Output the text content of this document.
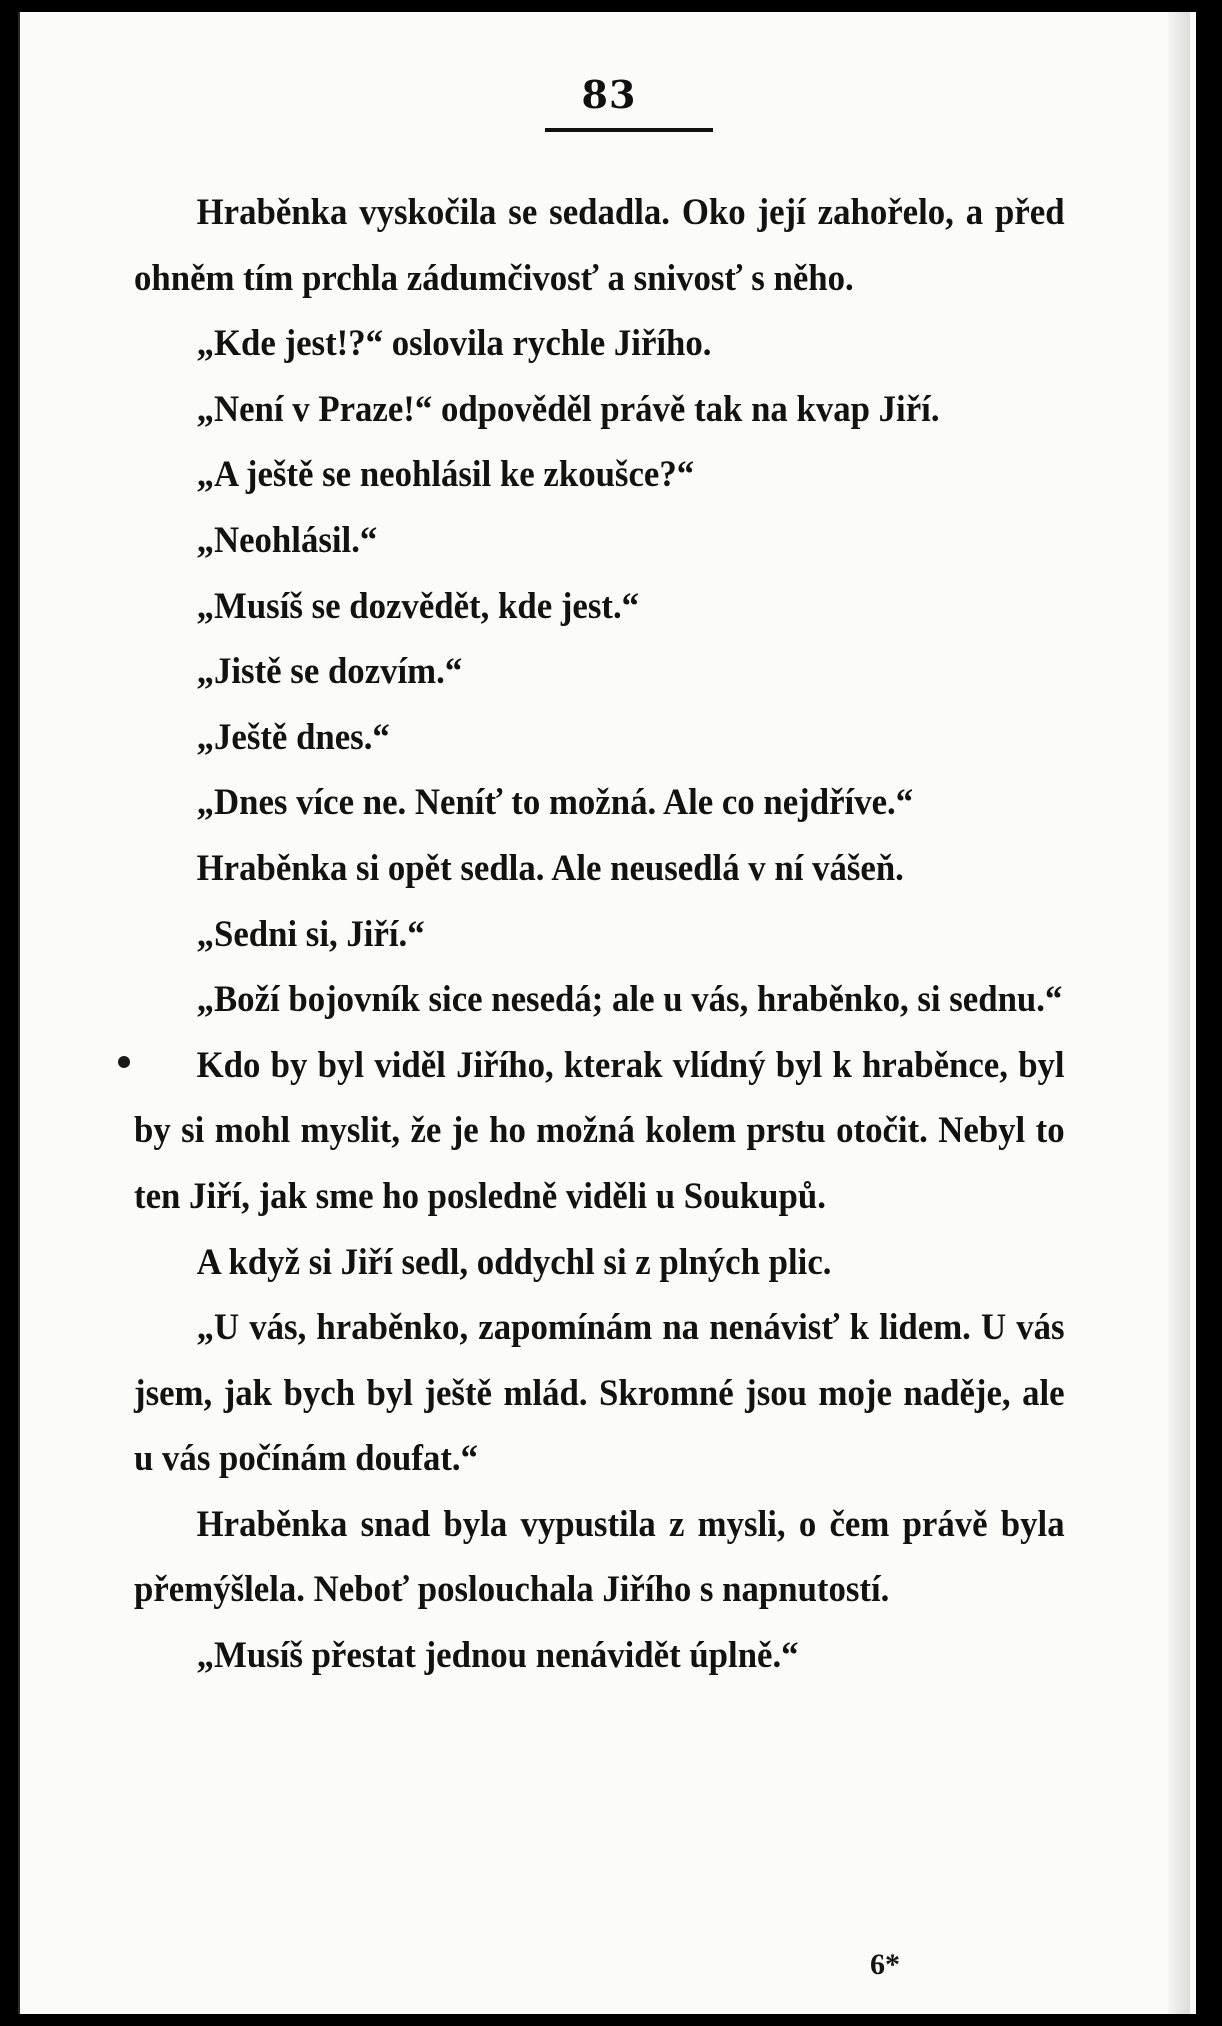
83

Hraběnka vyskočila se sedadla. Oko její zahořelo, a před ohněm tím prchla zádumčivosť a snivosť s něho.

„Kde jest!?“ oslovila rychle Jiřího.

„Není v Praze!“ odpověděl právě tak na kvap Jiří.

„A ještě se neohlásil ke zkoušce?“

„Neohlásil.“

„Musíš se dozvědět, kde jest.“

„Jistě se dozvím.“

„Ještě dnes.“

„Dnes více ne. Neníť to možná. Ale co nejdříve.“

Hraběnka si opět sedla. Ale neusedlá v ní vášeň.

„Sedni si, Jiří.“

„Boží bojovník sice nesedá; ale u vás, hraběnko, si sednu.“

Kdo by byl viděl Jiřího, kterak vlídný byl k hraběnce, byl by si mohl myslit, že je ho možná kolem prstu otočit. Nebyl to ten Jiří, jak sme ho posledně viděli u Soukupů.

A když si Jiří sedl, oddychl si z plných plic.

„U vás, hraběnko, zapomínám na nenávisť k lidem. U vás jsem, jak bych byl ještě mlád. Skromné jsou moje naděje, ale u vás počínám doufat.“

Hraběnka snad byla vypustila z mysli, o čem právě byla přemýšlela. Neboť poslouchala Jiřího s napnutostí.

„Musíš přestat jednou nenávidět úplně.“

6*
